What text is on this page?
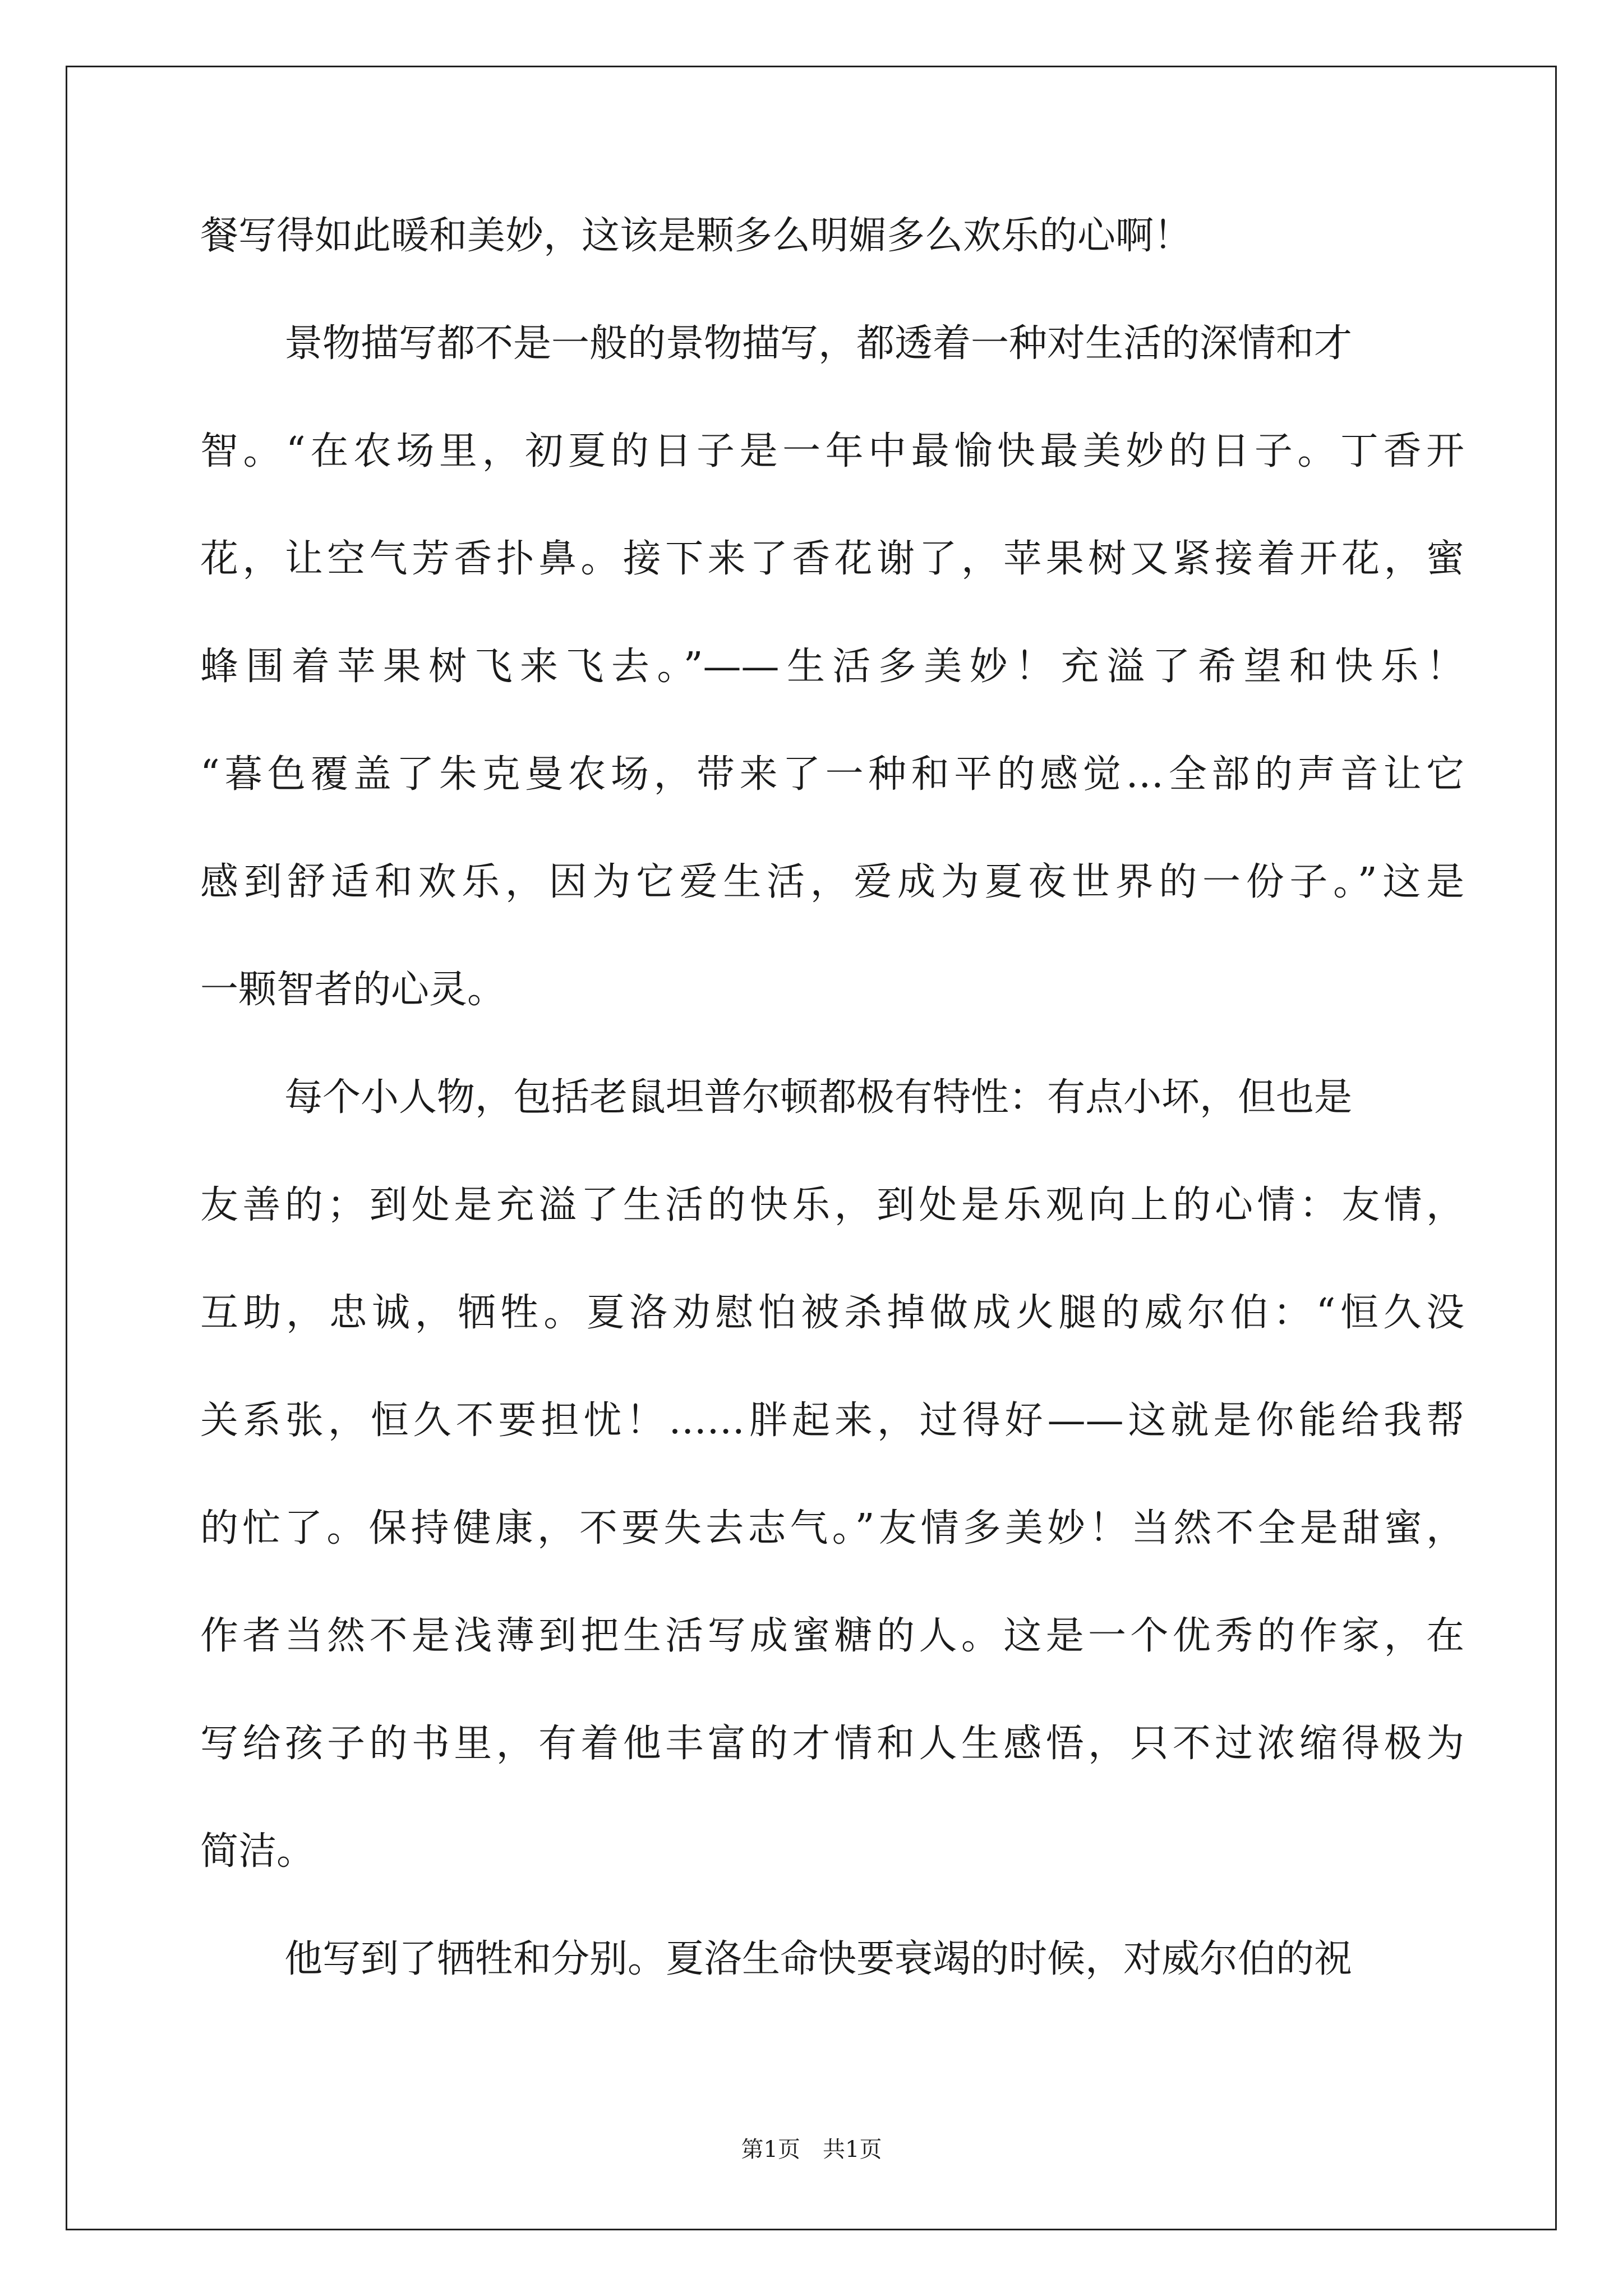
餐写得如此暖和美妙，这该是颗多么明媚多么欢乐的心啊！
景物描写都不是一般的景物描写，都透着一种对生活的深情和才
智。“在农场里，初夏的日子是一年中最愉快最美妙的日子。丁香开
花，让空气芳香扑鼻。接下来了香花谢了，苹果树又紧接着开花，蜜
蜂围着苹果树飞来飞去。”——生活多美妙！充溢了希望和快乐！
“暮色覆盖了朱克曼农场，带来了一种和平的感觉…全部的声音让它
感到舒适和欢乐，因为它爱生活，爱成为夏夜世界的一份子。”这是
一颗智者的心灵。
每个小人物，包括老鼠坦普尔顿都极有特性：有点小坏，但也是
友善的；到处是充溢了生活的快乐，到处是乐观向上的心情：友情，
互助，忠诚，牺牲。夏洛劝慰怕被杀掉做成火腿的威尔伯：“恒久没
关系张，恒久不要担忧！……胖起来，过得好——这就是你能给我帮
的忙了。保持健康，不要失去志气。”友情多美妙！当然不全是甜蜜，
作者当然不是浅薄到把生活写成蜜糖的人。这是一个优秀的作家，在
写给孩子的书里，有着他丰富的才情和人生感悟，只不过浓缩得极为
简洁。
他写到了牺牲和分别。夏洛生命快要衰竭的时候，对威尔伯的祝
第1页　共1页
